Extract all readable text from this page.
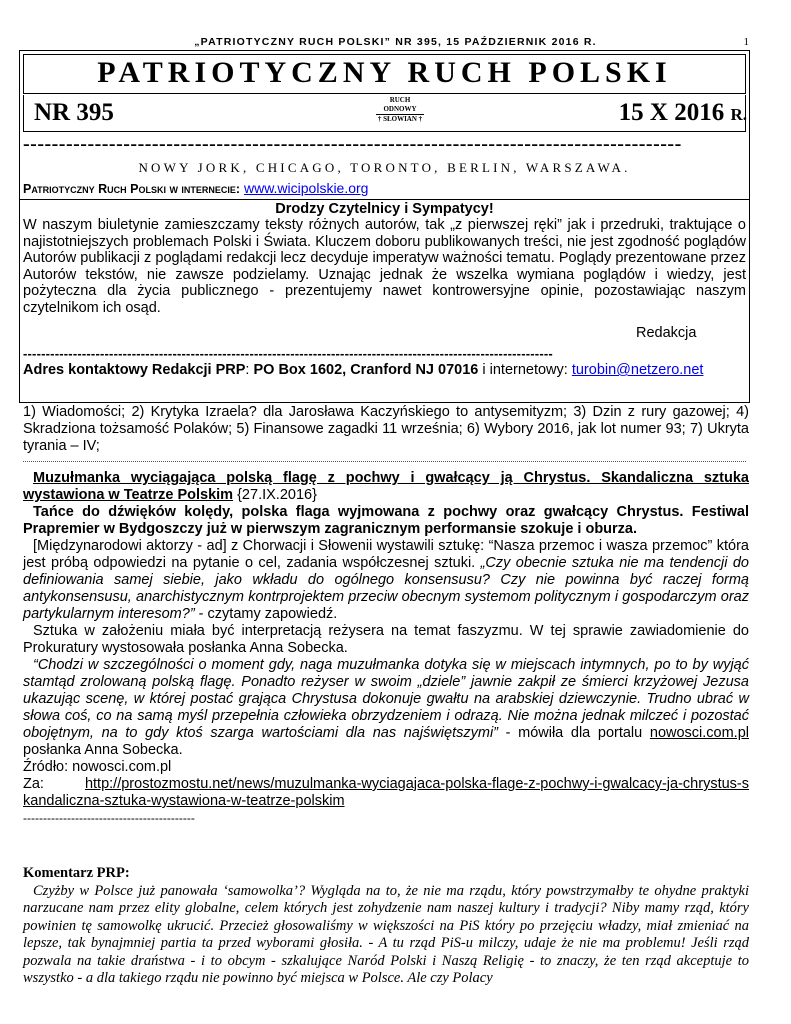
„PATRIOTYCZNY RUCH POLSKI” NR 395, 15 PAŹDZIERNIK 2016 R.	1
PATRIOTYCZNY RUCH POLSKI
NR 395	RUCH ODNOWY
† SŁOWIAN †	15 X 2016 R.
--------------------------------------------------------------------------------------------
NOWY JORK, CHICAGO, TORONTO, BERLIN, WARSZAWA.
Patriotyczny Ruch Polski w internecie: www.wicipolskie.org
Drodzy Czytelnicy i Sympatycy!
W naszym biuletynie zamieszczamy teksty różnych autorów, tak „z pierwszej ręki” jak i przedruki, traktujące o najistotniejszych problemach Polski i Świata. Kluczem doboru publikowanych treści, nie jest zgodność poglądów Autorów publikacji z poglądami redakcji lecz decyduje imperatyw ważności tematu. Poglądy prezentowane przez Autorów tekstów, nie zawsze podzielamy. Uznając jednak że wszelka wymiana poglądów i wiedzy, jest pożyteczna dla życia publicznego - prezentujemy nawet kontrowersyjne opinie, pozostawiając naszym czytelnikom ich osąd.
Redakcja
---------------------------------------------------------------------------------------------------------------------
Adres kontaktowy Redakcji PRP: PO Box 1602, Cranford NJ 07016 i internetowy: turobin@netzero.net
1) Wiadomości; 2) Krytyka Izraela? dla Jarosława Kaczyńskiego to antysemityzm; 3) Dzin z rury gazowej; 4) Skradziona tożsamość Polaków; 5) Finansowe zagadki 11 września; 6) Wybory 2016, jak lot numer 93; 7) Ukryta tyrania – IV;

Muzułmanka wyciągająca polską flagę z pochwy i gwałcący ją Chrystus. Skandaliczna sztuka wystawiona w Teatrze Polskim {27.IX.2016}

Tańce do dźwięków kolędy, polska flaga wyjmowana z pochwy oraz gwałcący Chrystus. Festiwal Prapremier w Bydgoszczy już w pierwszym zagranicznym performansie szokuje i oburza.

[Międzynarodowi aktorzy - ad] z Chorwacji i Słowenii wystawili sztukę: “Nasza przemoc i wasza przemoc” która jest próbą odpowiedzi na pytanie o cel, zadania współczesnej sztuki. „Czy obecnie sztuka nie ma tendencji do definiowania samej siebie, jako wkładu do ogólnego konsensusu? Czy nie powinna być raczej formą antykonsensusu, anarchistycznym kontrprojektem przeciw obecnym systemom politycznym i gospodarczym oraz partykularnym interesom?” - czytamy zapowiedź.

Sztuka w założeniu miała być interpretacją reżysera na temat faszyzmu. W tej sprawie zawiadomienie do Prokuratury wystosowała posłanka Anna Sobecka.

“Chodzi w szczególności o moment gdy, naga muzułmanka dotyka się w miejscach intymnych, po to by wyjąć stamtąd zrolowaną polską flagę. Ponadto reżyser w swoim „dziele” jawnie zakpił ze śmierci krzyżowej Jezusa ukazując scenę, w której postać grająca Chrystusa dokonuje gwałtu na arabskiej dziewczynie. Trudno ubrać w słowa coś, co na samą myśl przepełnia człowieka obrzydzeniem i odrazą. Nie można jednak milczeć i pozostać obojętnym, na to gdy ktoś szarga wartościami dla nas najświętszymi” - mówiła dla portalu nowosci.com.pl posłanka Anna Sobecka.

Źródło: nowosci.com.pl

Za:	http://prostozmostu.net/news/muzulmanka-wyciagajaca-polska-flage-z-pochwy-i-gwalcacy-ja-chrystus-skandaliczna-sztuka-wystawiona-w-teatrze-polskim

-------------------------------------------

Komentarz PRP:

Czyżby w Polsce już panowała ‘samowolka’? Wygląda na to, że nie ma rządu, który powstrzymałby te ohydne praktyki narzucane nam przez elity globalne, celem których jest zohydzenie nam naszej kultury i tradycji? Niby mamy rząd, który powinien tę samowolkę ukrucić. Przecież głosowaliśmy w większości na PiS który po przejęciu władzy, miał zmieniać na lepsze, tak bynajmniej partia ta przed wyborami głosiła. - A tu rząd PiS-u milczy, udaje że nie ma problemu! Jeśli rząd pozwala na takie draństwa - i to obcym - szkalujące Naród Polski i Naszą Religię - to znaczy, że ten rząd akceptuje to wszystko - a dla takiego rządu nie powinno być miejsca w Polsce. Ale czy Polacy
